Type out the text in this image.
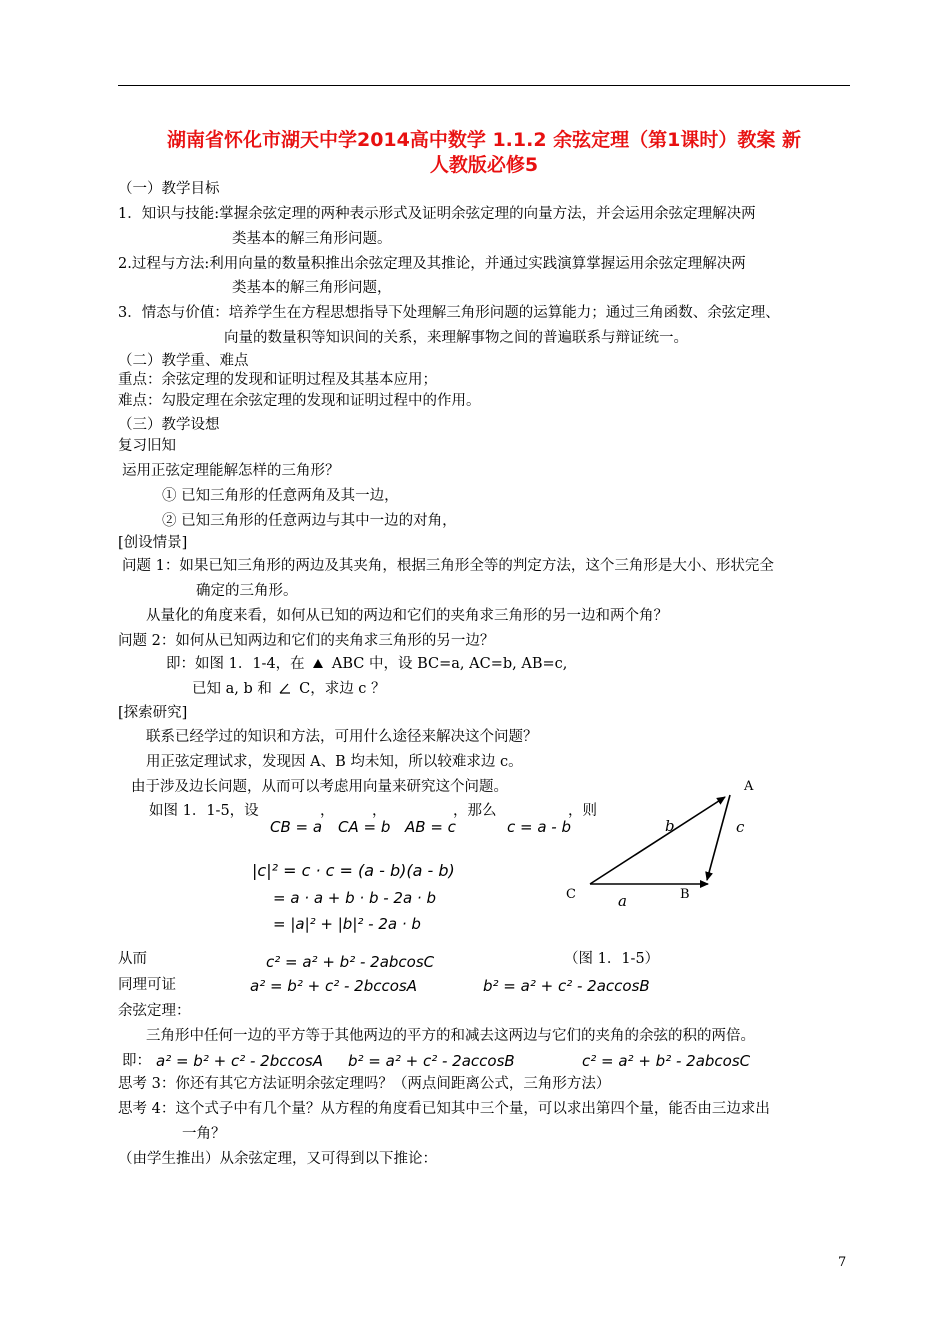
湖南省怀化市湖天中学2014高中数学 1.1.2 余弦定理（第1课时）教案 新
人教版必修5
（一）教学目标
1．知识与技能:掌握余弦定理的两种表示形式及证明余弦定理的向量方法，并会运用余弦定理解决两
类基本的解三角形问题。
2.过程与方法:利用向量的数量积推出余弦定理及其推论，并通过实践演算掌握运用余弦定理解决两
类基本的解三角形问题，
3．情态与价值：培养学生在方程思想指导下处理解三角形问题的运算能力；通过三角函数、余弦定理、
向量的数量积等知识间的关系，来理解事物之间的普遍联系与辩证统一。
（二）教学重、难点
重点：余弦定理的发现和证明过程及其基本应用；
难点：勾股定理在余弦定理的发现和证明过程中的作用。
（三）教学设想
复习旧知
运用正弦定理能解怎样的三角形？
① 已知三角形的任意两角及其一边，
② 已知三角形的任意两边与其中一边的对角，
[创设情景]
问题 1：如果已知三角形的两边及其夹角，根据三角形全等的判定方法，这个三角形是大小、形状完全
确定的三角形。
从量化的角度来看，如何从已知的两边和它们的夹角求三角形的另一边和两个角？
问题 2：如何从已知两边和它们的夹角求三角形的另一边？
即：如图 1．1-4，在 ABC 中，设 BC=a, AC=b, AB=c,
已知 a, b 和 C，求边 c ？
[探索研究]
联系已经学过的知识和方法，可用什么途径来解决这个问题？
用正弦定理试求，发现因 A、B 均未知，所以较难求边 c。
由于涉及边长问题，从而可以考虑用向量来研究这个问题。
如图 1．1-5，设	，	，	，那么	，则
CB = a CA = b AB = c	c = a - b
|c|² = c · c = (a - b)(a - b)
= a · a + b · b - 2a · b
= |a|² + |b|² - 2a · b
A
B
C	a
b	c
从而	c² = a² + b² - 2abcosC	（图 1．1-5）
同理可证	a² = b² + c² - 2bccosA	b² = a² + c² - 2accosB
余弦定理：
三角形中任何一边的平方等于其他两边的平方的和减去这两边与它们的夹角的余弦的积的两倍。
即： a² = b² + c² - 2bccosA b² = a² + c² - 2accosB	c² = a² + b² - 2abcosC
思考 3：你还有其它方法证明余弦定理吗？（两点间距离公式，三角形方法）
思考 4：这个式子中有几个量？从方程的角度看已知其中三个量，可以求出第四个量，能否由三边求出
一角？
（由学生推出）从余弦定理，又可得到以下推论：
7
